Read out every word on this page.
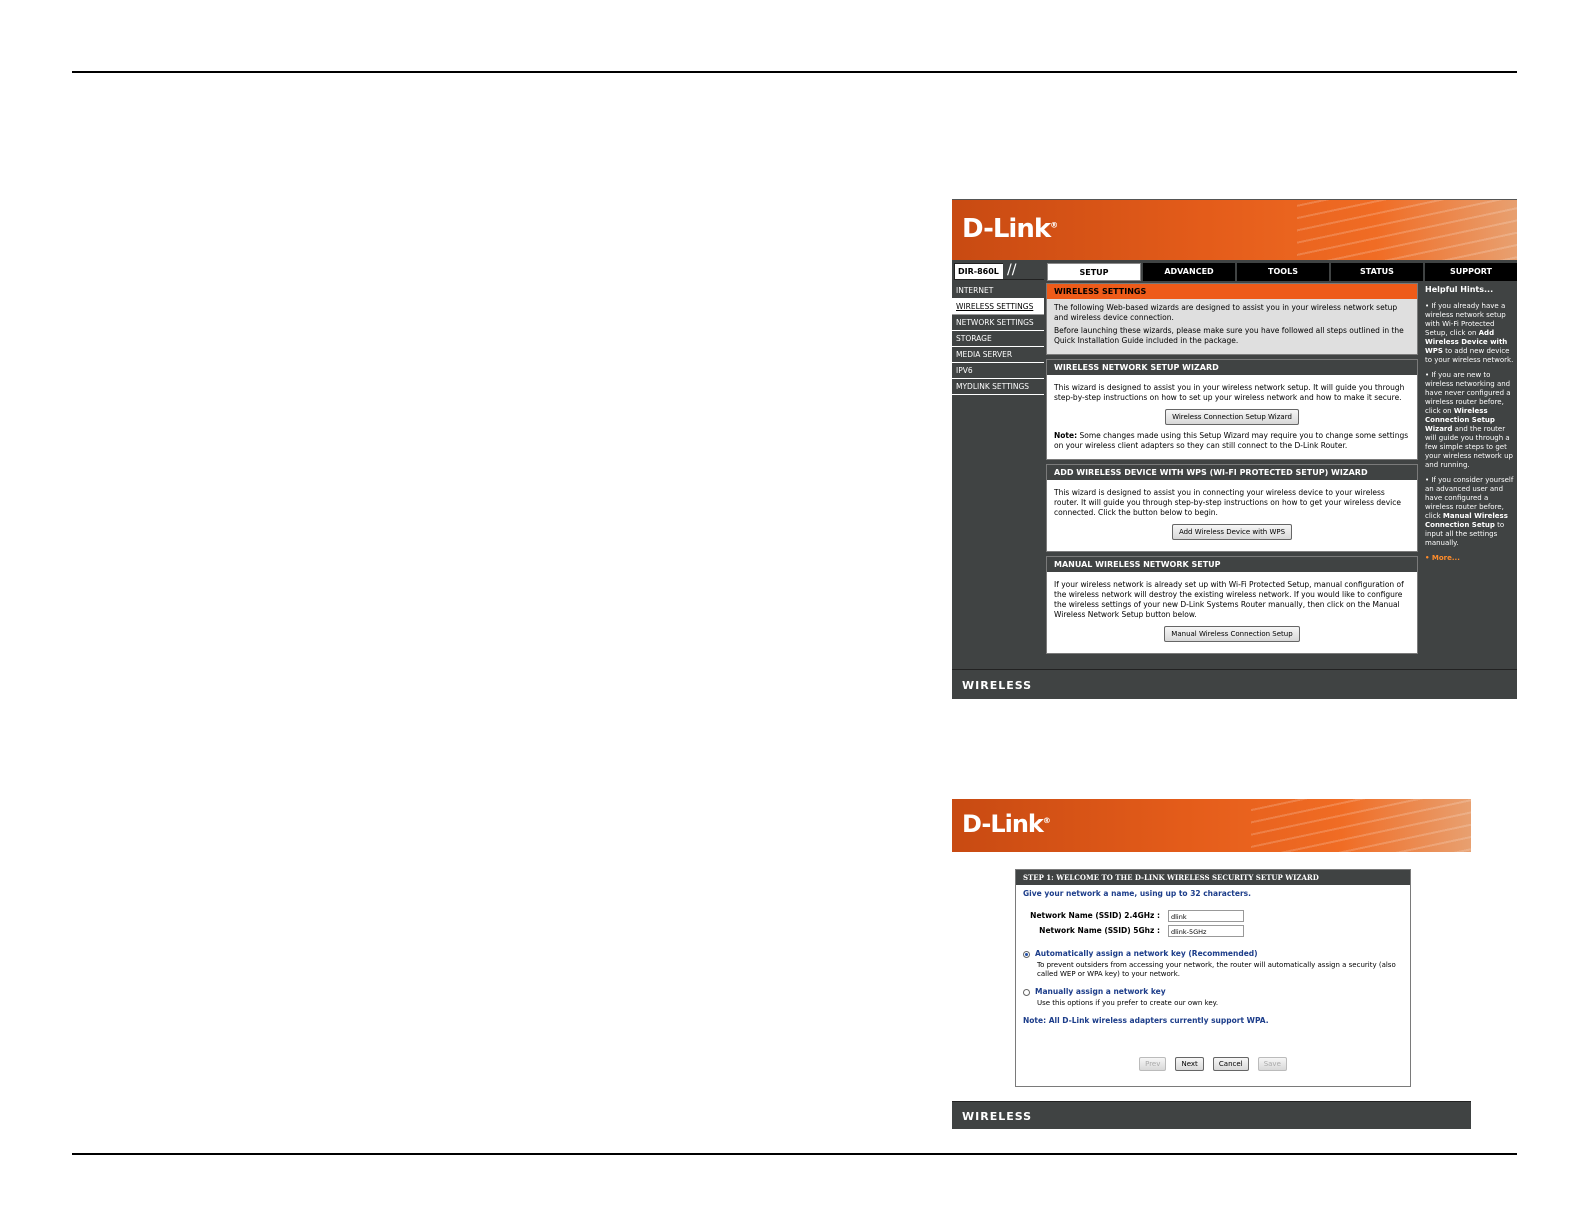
D-Link®
DIR-860L //	SETUP	ADVANCED	TOOLS	STATUS	SUPPORT
INTERNET
WIRELESS SETTINGS
NETWORK SETTINGS
STORAGE
MEDIA SERVER
IPV6
MYDLINK SETTINGS
WIRELESS SETTINGS

The following Web-based wizards are designed to assist you in your wireless network setup and wireless device connection.

Before launching these wizards, please make sure you have followed all steps outlined in the Quick Installation Guide included in the package.

WIRELESS NETWORK SETUP WIZARD

This wizard is designed to assist you in your wireless network setup. It will guide you through step-by-step instructions on how to set up your wireless network and how to make it secure.

Wireless Connection Setup Wizard

Note: Some changes made using this Setup Wizard may require you to change some settings on your wireless client adapters so they can still connect to the D-Link Router.

ADD WIRELESS DEVICE WITH WPS (WI-FI PROTECTED SETUP) WIZARD

This wizard is designed to assist you in connecting your wireless device to your wireless router. It will guide you through step-by-step instructions on how to get your wireless device connected. Click the button below to begin.

Add Wireless Device with WPS
MANUAL WIRELESS NETWORK SETUP

If your wireless network is already set up with Wi-Fi Protected Setup, manual configuration of the wireless network will destroy the existing wireless network. If you would like to configure the wireless settings of your new D-Link Systems Router manually, then click on the Manual Wireless Network Setup button below.

Manual Wireless Connection Setup
Helpful Hints...
• If you already have a wireless network setup with Wi-Fi Protected Setup, click on Add Wireless Device with WPS to add new device to your wireless network.
• If you are new to wireless networking and have never configured a wireless router before, click on Wireless Connection Setup Wizard and the router will guide you through a few simple steps to get your wireless network up and running.
• If you consider yourself an advanced user and have configured a wireless router before, click Manual Wireless Connection Setup to input all the settings manually.
• More...
WIRELESS
D-Link®
STEP 1: WELCOME TO THE D-LINK WIRELESS SECURITY SETUP WIZARD
Give your network a name, using up to 32 characters.
Network Name (SSID) 2.4GHz :	dlink
Network Name (SSID) 5Ghz :	dlink-5GHz
Automatically assign a network key (Recommended)
To prevent outsiders from accessing your network, the router will automatically assign a security (also called WEP or WPA key) to your network.
Manually assign a network key
Use this options if you prefer to create our own key.
Note: All D-Link wireless adapters currently support WPA.
Prev	Next	Cancel	Save
WIRELESS
